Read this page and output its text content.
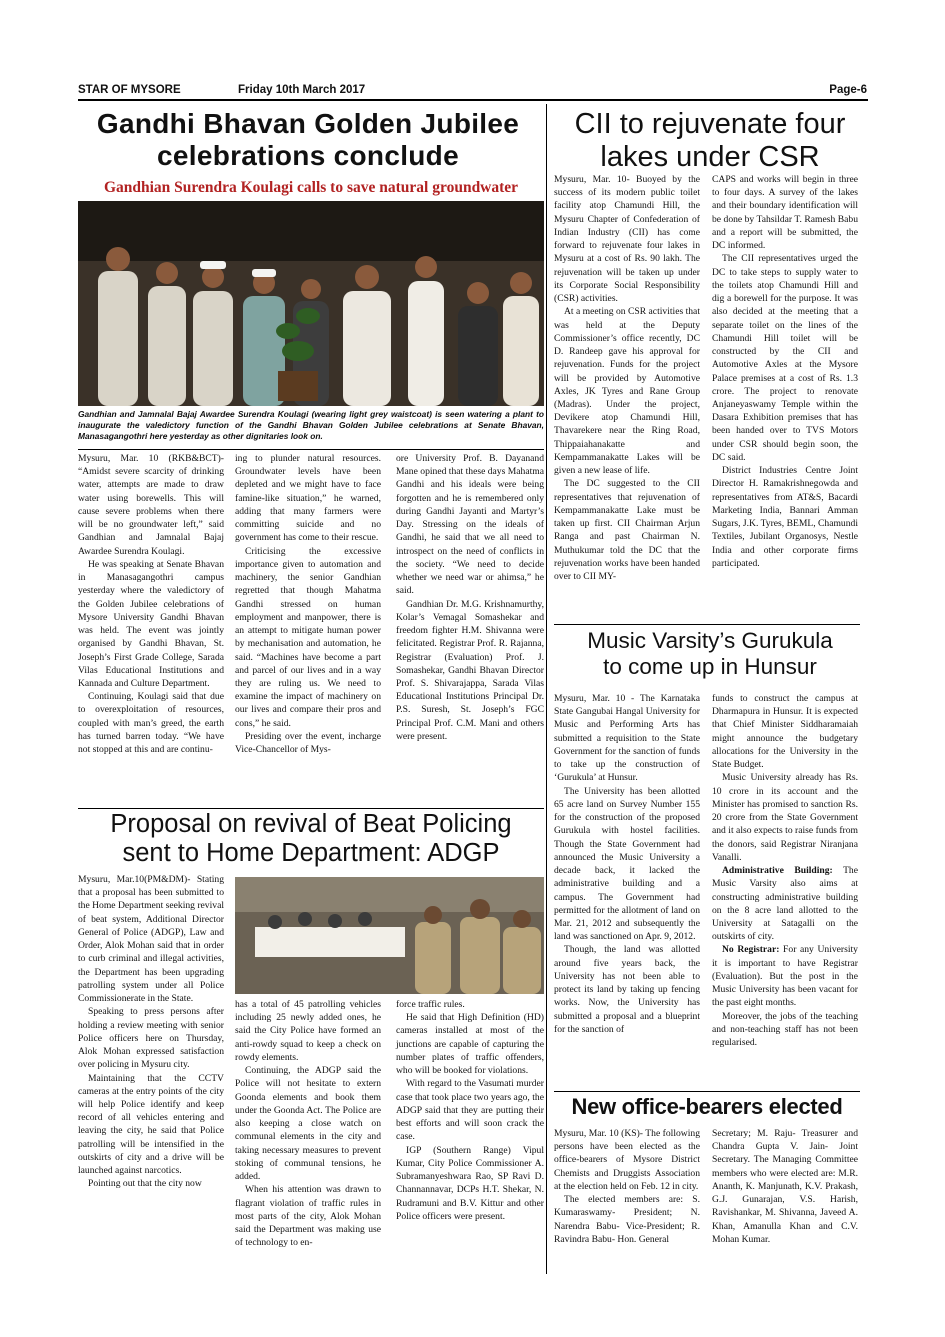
STAR OF MYSORE	Friday 10th March 2017	Page-6
Gandhi Bhavan Golden Jubilee
celebrations conclude
Gandhian Surendra Koulagi calls to save natural groundwater
Gandhian and Jamnalal Bajaj Awardee Surendra Koulagi (wearing light grey waistcoat) is seen watering a plant to inaugurate the valedictory function of the Gandhi Bhavan Golden Jubilee celebrations at Senate Bhavan, Manasagangothri here yesterday as other dignitaries look on.

Mysuru, Mar. 10 (RKB&BCT)- “Amidst severe scarcity of drinking water, attempts are made to draw water using borewells. This will cause severe problems when there will be no groundwater left,” said Gandhian and Jamnalal Bajaj Awardee Surendra Koulagi.

He was speaking at Senate Bhavan in Manasagangothri campus yesterday where the valedictory of the Golden Jubilee celebrations of Mysore University Gandhi Bhavan was held. The event was jointly organised by Gandhi Bhavan, St. Joseph’s First Grade College, Sarada Vilas Educational Institutions and Kannada and Culture Department.

Continuing, Koulagi said that due to overexploitation of resources, coupled with man’s greed, the earth has turned barren today. “We have not stopped at this and are continu-

ing to plunder natural resources. Groundwater levels have been depleted and we might have to face famine-like situation,” he warned, adding that many farmers were committing suicide and no government has come to their rescue.

Criticising the excessive importance given to automation and machinery, the senior Gandhian regretted that though Mahatma Gandhi stressed on human employment and manpower, there is an attempt to mitigate human power by mechanisation and automation, he said. “Machines have become a part and parcel of our lives and in a way they are ruling us. We need to examine the impact of machinery on our lives and compare their pros and cons,” he said.

Presiding over the event, incharge Vice-Chancellor of Mys-

ore University Prof. B. Dayanand Mane opined that these days Mahatma Gandhi and his ideals were being forgotten and he is remembered only during Gandhi Jayanti and Martyr’s Day. Stressing on the ideals of Gandhi, he said that we all need to introspect on the need of conflicts in the society. “We need to decide whether we need war or ahimsa,” he said.

Gandhian Dr. M.G. Krishnamurthy, Kolar’s Vemagal Somashekar and freedom fighter H.M. Shivanna were felicitated. Registrar Prof. R. Rajanna, Registrar (Evaluation) Prof. J. Somashekar, Gandhi Bhavan Director Prof. S. Shivarajappa, Sarada Vilas Educational Institutions Principal Dr. P.S. Suresh, St. Joseph’s FGC Principal Prof. C.M. Mani and others were present.

Proposal on revival of Beat Policing
sent to Home Department: ADGP

Mysuru, Mar.10(PM&DM)- Stating that a proposal has been submitted to the Home Department seeking revival of beat system, Additional Director General of Police (ADGP), Law and Order, Alok Mohan said that in order to curb criminal and illegal activities, the Department has been upgrading patrolling system under all Police Commissionerate in the State.

Speaking to press persons after holding a review meeting with senior Police officers here on Thursday, Alok Mohan expressed satisfaction over policing in Mysuru city.

Maintaining that the CCTV cameras at the entry points of the city will help Police identify and keep record of all vehicles entering and leaving the city, he said that Police patrolling will be intensified in the outskirts of city and a drive will be launched against narcotics.

Pointing out that the city now

has a total of 45 patrolling vehicles including 25 newly added ones, he said the City Police have formed an anti-rowdy squad to keep a check on rowdy elements.

Continuing, the ADGP said the Police will not hesitate to extern Goonda elements and book them under the Goonda Act. The Police are also keeping a close watch on communal elements in the city and taking necessary measures to prevent stoking of communal tensions, he added.

When his attention was drawn to flagrant violation of traffic rules in most parts of the city, Alok Mohan said the Department was making use of technology to en-

force traffic rules.

He said that High Definition (HD) cameras installed at most of the junctions are capable of capturing the number plates of traffic offenders, who will be booked for violations.

With regard to the Vasumati murder case that took place two years ago, the ADGP said that they are putting their best efforts and will soon crack the case.

IGP (Southern Range) Vipul Kumar, City Police Commissioner A. Subramanyeshwara Rao, SP Ravi D. Channannavar, DCPs H.T. Shekar, N. Rudramuni and B.V. Kittur and other Police officers were present.

CII to rejuvenate four
lakes under CSR

Mysuru, Mar. 10- Buoyed by the success of its modern public toilet facility atop Chamundi Hill, the Mysuru Chapter of Confederation of Indian Industry (CII) has come forward to rejuvenate four lakes in Mysuru at a cost of Rs. 90 lakh. The rejuvenation will be taken up under its Corporate Social Responsibility (CSR) activities.

At a meeting on CSR activities that was held at the Deputy Commissioner’s office recently, DC D. Randeep gave his approval for rejuvenation. Funds for the project will be provided by Automotive Axles, JK Tyres and Rane Group (Madras). Under the project, Devikere atop Chamundi Hill, Thavarekere near the Ring Road, Thippaiahanakatte and Kempammanakatte Lakes will be given a new lease of life.

The DC suggested to the CII representatives that rejuvenation of Kempammanakatte Lake must be taken up first. CII Chairman Arjun Ranga and past Chairman N. Muthukumar told the DC that the rejuvenation works have been handed over to CII MY-

CAPS and works will begin in three to four days. A survey of the lakes and their boundary identification will be done by Tahsildar T. Ramesh Babu and a report will be submitted, the DC informed.

The CII representatives urged the DC to take steps to supply water to the toilets atop Chamundi Hill and dig a borewell for the purpose. It was also decided at the meeting that a separate toilet on the lines of the Chamundi Hill toilet will be constructed by the CII and Automotive Axles at the Mysore Palace premises at a cost of Rs. 1.3 crore. The project to renovate Anjaneyaswamy Temple within the Dasara Exhibition premises that has been handed over to TVS Motors under CSR should begin soon, the DC said.

District Industries Centre Joint Director H. Ramakrishnegowda and representatives from AT&S, Bacardi Marketing India, Bannari Amman Sugars, J.K. Tyres, BEML, Chamundi Textiles, Jubilant Organosys, Nestle India and other corporate firms participated.

Music Varsity’s Gurukula
to come up in Hunsur

Mysuru, Mar. 10 - The Karnataka State Gangubai Hangal University for Music and Performing Arts has submitted a requisition to the State Government for the sanction of funds to take up the construction of ‘Gurukula’ at Hunsur.

The University has been allotted 65 acre land on Survey Number 155 for the construction of the proposed Gurukula with hostel facilities. Though the State Government had announced the Music University a decade back, it lacked the administrative building and a campus. The Government had permitted for the allotment of land on Mar. 21, 2012 and subsequently the land was sanctioned on Apr. 9, 2012.

Though, the land was allotted around five years back, the University has not been able to protect its land by taking up fencing works. Now, the University has submitted a proposal and a blueprint for the sanction of

funds to construct the campus at Dharmapura in Hunsur. It is expected that Chief Minister Siddharamaiah might announce the budgetary allocations for the University in the State Budget.

Music University already has Rs. 10 crore in its account and the Minister has promised to sanction Rs. 20 crore from the State Government and it also expects to raise funds from the donors, said Registrar Niranjana Vanalli.

Administrative Building: The Music Varsity also aims at constructing administrative building on the 8 acre land allotted to the University at Satagalli on the outskirts of city.

No Registrar: For any University it is important to have Registrar (Evaluation). But the post in the Music University has been vacant for the past eight months.

Moreover, the jobs of the teaching and non-teaching staff has not been regularised.

New office-bearers elected

Mysuru, Mar. 10 (KS)- The following persons have been elected as the office-bearers of Mysore District Chemists and Druggists Association at the election held on Feb. 12 in city.

The elected members are: S. Kumaraswamy- President; N. Narendra Babu- Vice-President; R. Ravindra Babu- Hon. General

Secretary; M. Raju- Treasurer and Chandra Gupta V. Jain- Joint Secretary. The Managing Committee members who were elected are: M.R. Ananth, K. Manjunath, K.V. Prakash, G.J. Gunarajan, V.S. Harish, Ravishankar, M. Shivanna, Javeed A. Khan, Amanulla Khan and C.V. Mohan Kumar.
